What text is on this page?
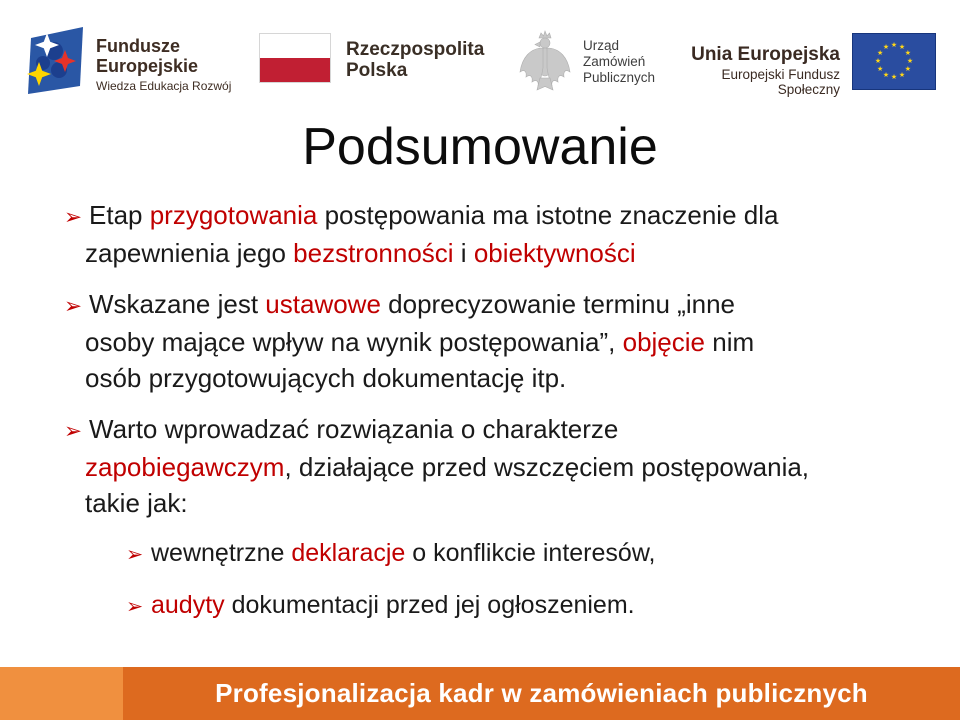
Fundusze
Europejskie
Wiedza Edukacja Rozwój
Rzeczpospolita
Polska
Urząd
Zamówień
Publicznych
Unia Europejska
Europejski Fundusz Społeczny
★ ★
★
★
★
★
★
★
★
★
★
★
Podsumowanie

➢ Etap przygotowania postępowania ma istotne znaczenie dla
zapewnienia jego bezstronności i obiektywności

➢ Wskazane jest ustawowe doprecyzowanie terminu „inne
osoby mające wpływ na wynik postępowania”, objęcie nim
osób przygotowujących dokumentację itp.

➢ Warto wprowadzać rozwiązania o charakterze
zapobiegawczym, działające przed wszczęciem postępowania,
takie jak:

➢ wewnętrzne deklaracje o konflikcie interesów,

➢ audyty dokumentacji przed jej ogłoszeniem.

Profesjonalizacja kadr w zamówieniach publicznych
